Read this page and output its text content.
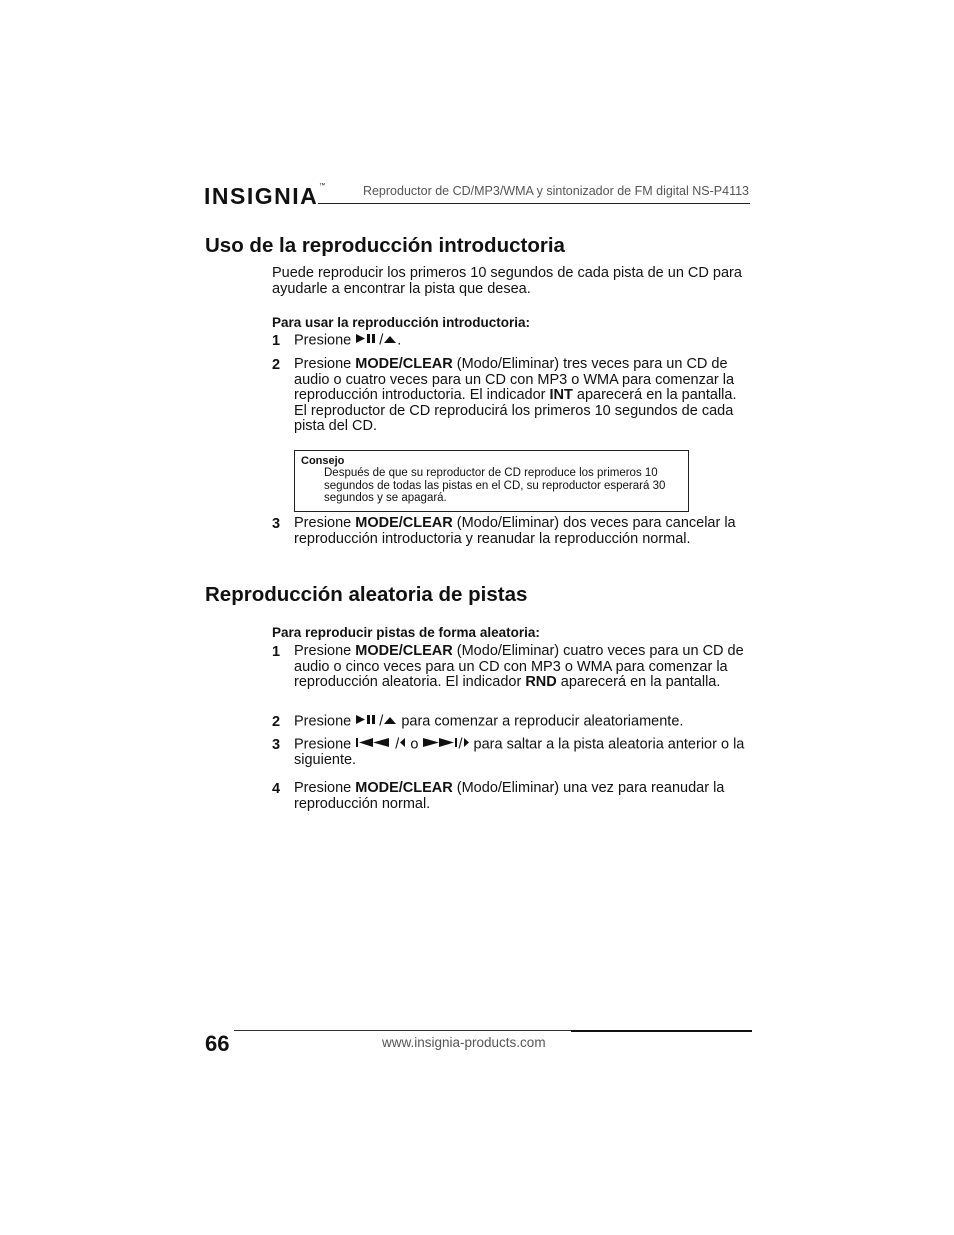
INSIGNIA™	Reproductor de CD/MP3/WMA y sintonizador de FM digital NS-P4113
Uso de la reproducción introductoria
Puede reproducir los primeros 10 segundos de cada pista de un CD para ayudarle a encontrar la pista que desea.
Para usar la reproducción introductoria:
1 Presione / .
2 Presione MODE/CLEAR (Modo/Eliminar) tres veces para un CD de audio o cuatro veces para un CD con MP3 o WMA para comenzar la reproducción introductoria. El indicador INT aparecerá en la pantalla. El reproductor de CD reproducirá los primeros 10 segundos de cada pista del CD.
Consejo
Después de que su reproductor de CD reproduce los primeros 10 segundos de todas las pistas en el CD, su reproductor esperará 30 segundos y se apagará.
3 Presione MODE/CLEAR (Modo/Eliminar) dos veces para cancelar la reproducción introductoria y reanudar la reproducción normal.
Reproducción aleatoria de pistas
Para reproducir pistas de forma aleatoria:
1 Presione MODE/CLEAR (Modo/Eliminar) cuatro veces para un CD de audio o cinco veces para un CD con MP3 o WMA para comenzar la reproducción aleatoria. El indicador RND aparecerá en la pantalla.
2 Presione / para comenzar a reproducir aleatoriamente.
3 Presione	/ o	/ para saltar a la pista aleatoria anterior o la siguiente.
4 Presione MODE/CLEAR (Modo/Eliminar) una vez para reanudar la reproducción normal.
66	www.insignia-products.com
